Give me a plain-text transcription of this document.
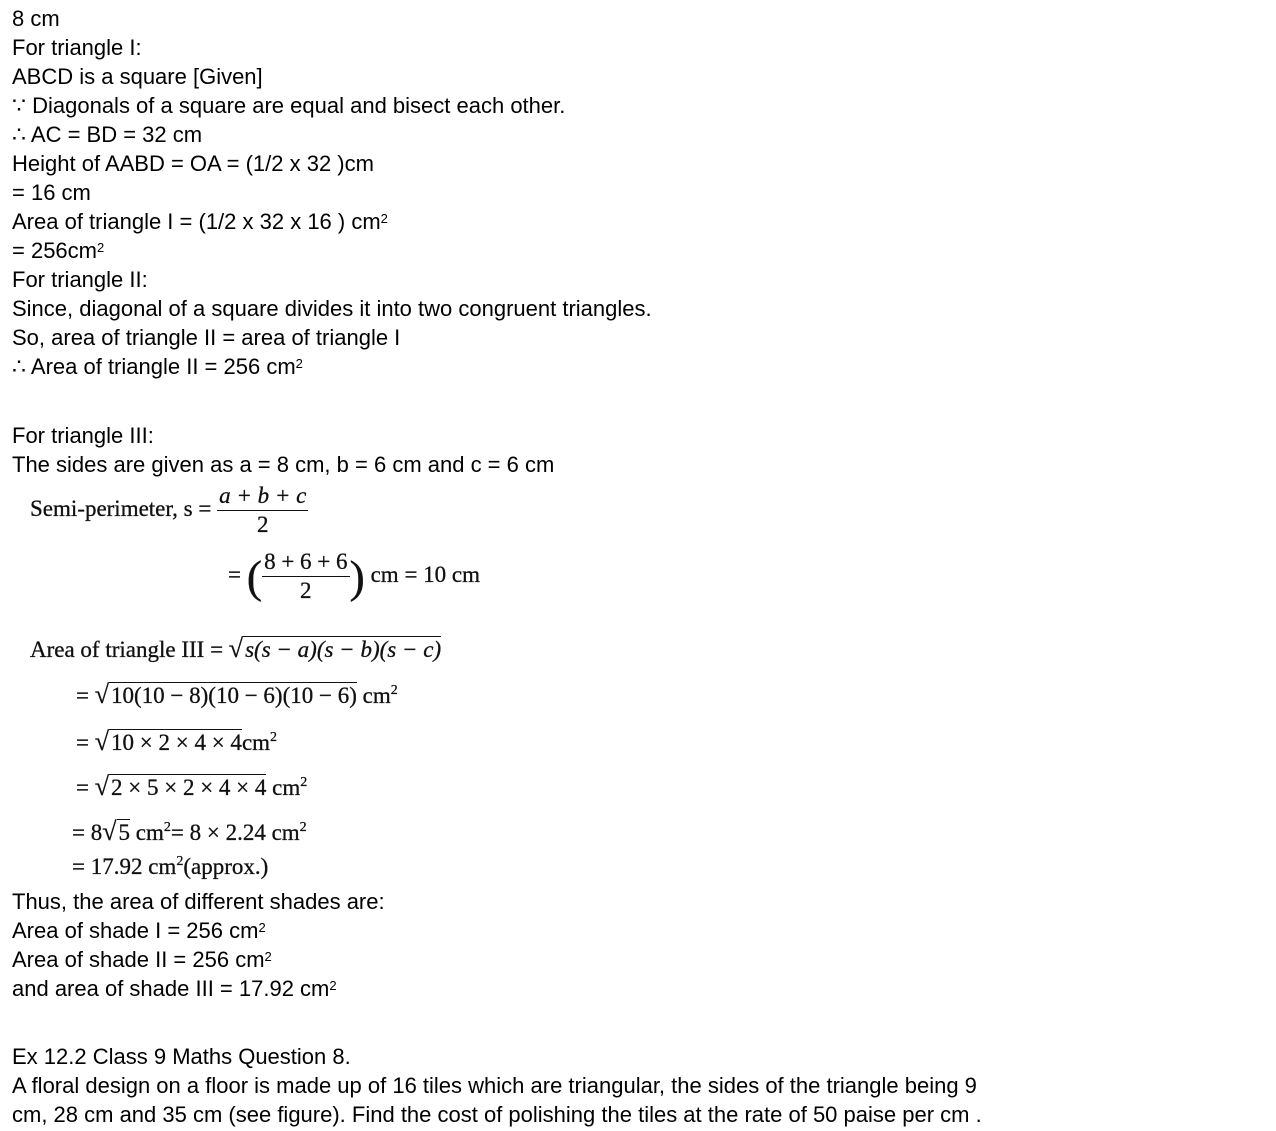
8 cm
For triangle I:
ABCD is a square [Given]
∵ Diagonals of a square are equal and bisect each other.
∴ AC = BD = 32 cm
Height of AABD = OA = (1/2 x 32 )cm
= 16 cm
Area of triangle I = (1/2 x 32 x 16 ) $cm^2$
= $256cm^2$
For triangle II:
Since, diagonal of a square divides it into two congruent triangles.
So, area of triangle II = area of triangle I
∴ Area of triangle II = 256 $cm^2$
For triangle III:
The sides are given as a = 8 cm, b = 6 cm and c = 6 cm
Thus, the area of different shades are:
Area of shade I = 256 $cm^2$
Area of shade II = 256 $cm^2$
and area of shade III = 17.92 $cm^2$
Ex 12.2 Class 9 Maths Question 8.
A floral design on a floor is made up of 16 tiles which are triangular, the sides of the triangle being 9
cm, 28 cm and 35 cm (see figure). Find the cost of polishing the tiles at the rate of 50 paise per cm .
Semi-perimeter, $s = \frac{a + b + c}{2}$
= ( $\frac{8 + 6 + 6}{2}$ ) cm = 10 cm
Area of triangle III = √s(s − a)(s − b)(s − c)
= √10(10 − 8)(10 − 6)(10 − 6) $cm^2$
= $√10 \times 2 \times 4 \times 4cm^2$
= √2 × 5 × 2 × 4 × 4 $cm^2$
= 8√5 $cm^2= 8 \times 2.24$ $cm^2$
= 17.92 $cm^2(approx.)$
